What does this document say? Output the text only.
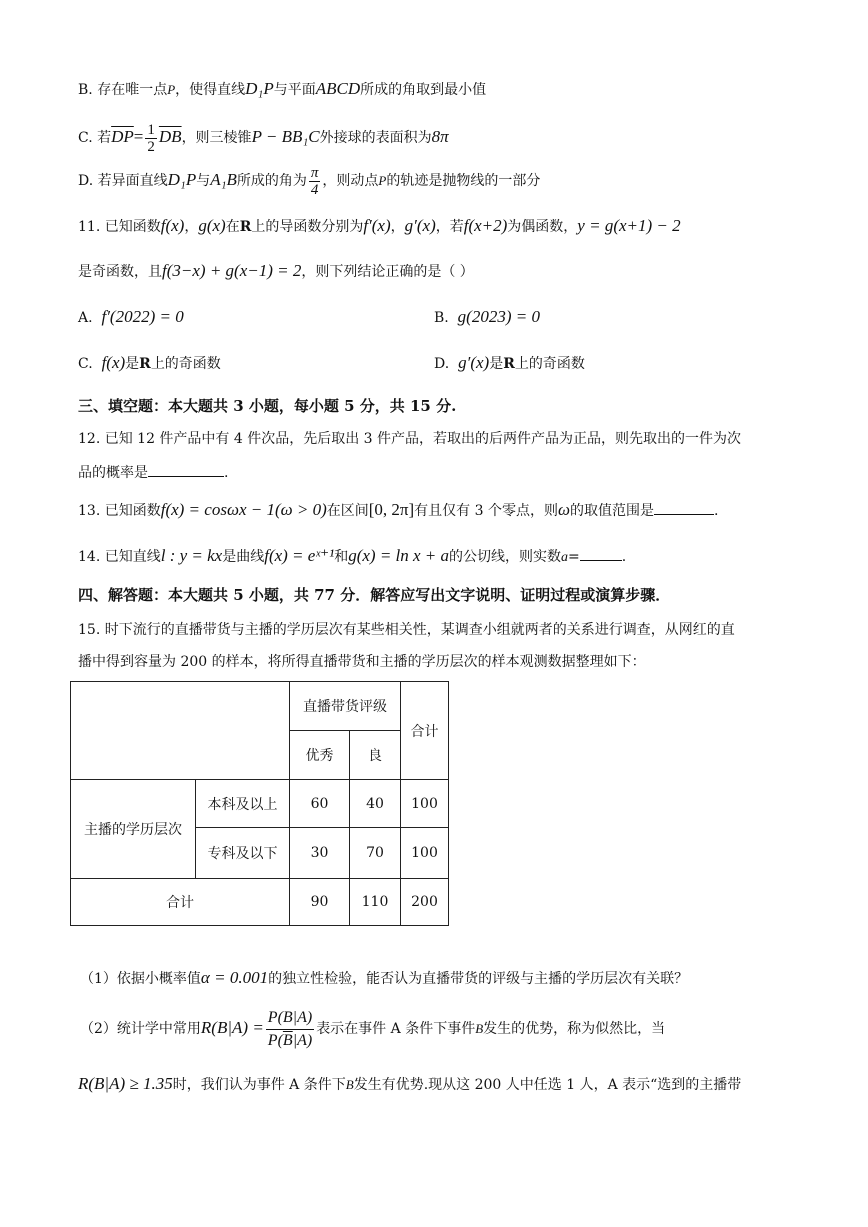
B. 存在唯一点P，使得直线D₁P与平面ABCD所成的角取到最小值
C. 若$\overline{DP}= \frac{1}{2} \overline{DB}$，则三棱锥P − BB₁C外接球的表面积为8π
D. 若异面直线D₁P与A₁B所成的角为 $\frac{\pi}{4}$ ，则动点P的轨迹是抛物线的一部分
11. 已知函数f(x)，g(x)在R上的导函数分别为f′(x)，g′(x)，若f(x+2)为偶函数，y = g(x+1) − 2
是奇函数，且f(3−x) + g(x−1) = 2，则下列结论正确的是（ ）
A. f′(2022) = 0	B. g(2023) = 0
C. f(x)是R上的奇函数	D. g′(x)是R上的奇函数
三、填空题：本大题共 3 小题，每小题 5 分，共 15 分.
12. 已知 12 件产品中有 4 件次品，先后取出 3 件产品，若取出的后两件产品为正品，则先取出的一件为次
品的概率是	.
13. 已知函数f(x) = cosωx − 1(ω > 0)在区间[0, 2π]有且仅有 3 个零点，则ω的取值范围是	.
14. 已知直线l : y = kx是曲线f(x) = eˣ⁺¹和g(x) = ln x + a的公切线，则实数a=	.
四、解答题：本大题共 5 小题，共 77 分．解答应写出文字说明、证明过程或演算步骤．
15. 时下流行的直播带货与主播的学历层次有某些相关性，某调查小组就两者的关系进行调查，从网红的直
播中得到容量为 200 的样本，将所得直播带货和主播的学历层次的样本观测数据整理如下：
		直播带货评级		合计
		优秀	良	
主播的学历层次	本科及以上	60	40	100
	专科及以下	30	70	100
合计		90	110	200
（1）依据小概率值α = 0.001的独立性检验，能否认为直播带货的评级与主播的学历层次有关联？
（2）统计学中常用$R(B|A) = \frac{P(B|A)}{P(\overline{B}|A)}$ 表示在事件 A 条件下事件B发生的优势，称为似然比，当
R(B|A) ≥ 1.35时，我们认为事件 A 条件下B发生有优势.现从这 200 人中任选 1 人，A 表示“选到的主播带
